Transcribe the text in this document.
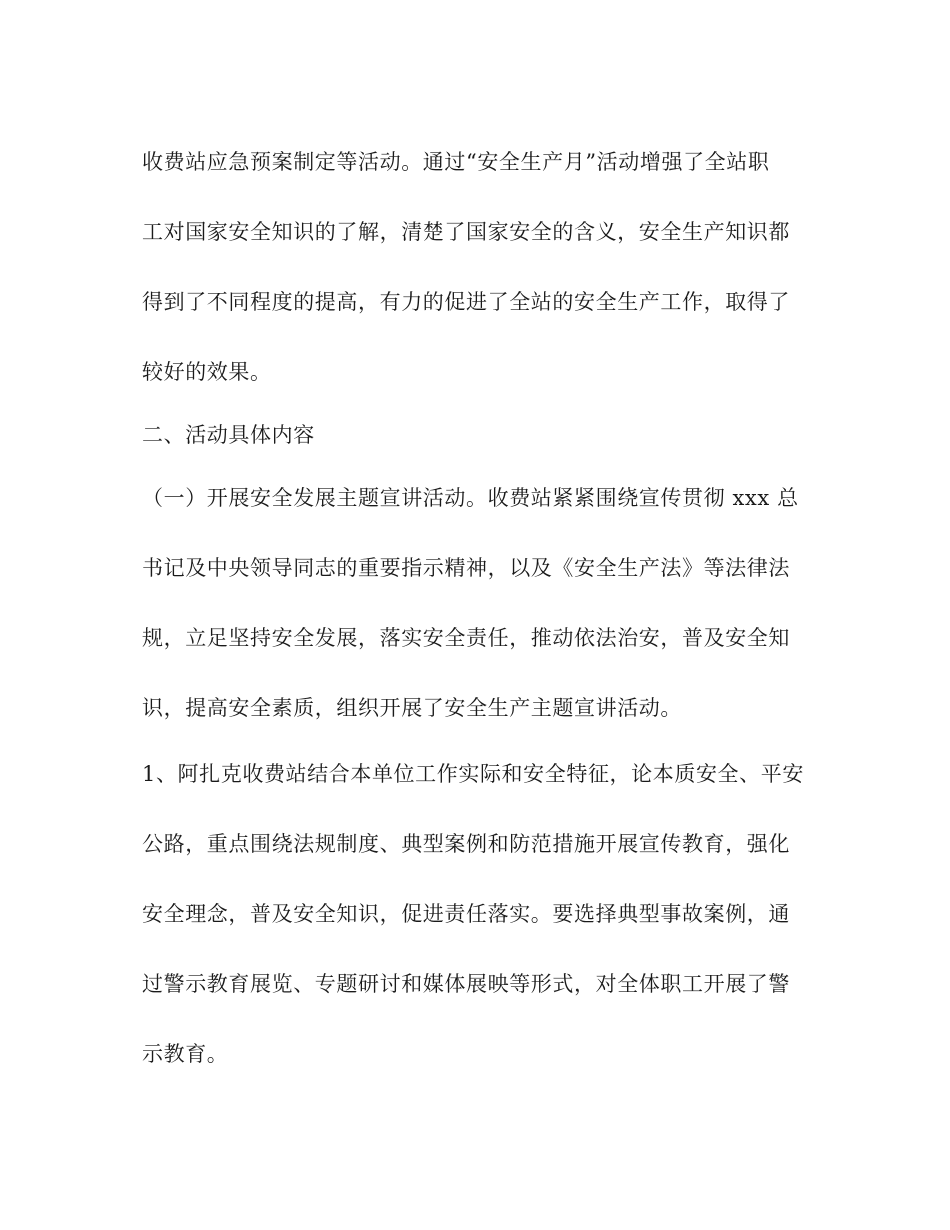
收费站应急预案制定等活动。通过“安全生产月”活动增强了全站职
工对国家安全知识的了解，清楚了国家安全的含义，安全生产知识都
得到了不同程度的提高，有力的促进了全站的安全生产工作，取得了
较好的效果。
二、活动具体内容
（一）开展安全发展主题宣讲活动。收费站紧紧围绕宣传贯彻 xxx 总
书记及中央领导同志的重要指示精神，以及《安全生产法》等法律法
规，立足坚持安全发展，落实安全责任，推动依法治安，普及安全知
识，提高安全素质，组织开展了安全生产主题宣讲活动。
1、阿扎克收费站结合本单位工作实际和安全特征，论本质安全、平安
公路，重点围绕法规制度、典型案例和防范措施开展宣传教育，强化
安全理念，普及安全知识，促进责任落实。要选择典型事故案例，通
过警示教育展览、专题研讨和媒体展映等形式，对全体职工开展了警
示教育。
